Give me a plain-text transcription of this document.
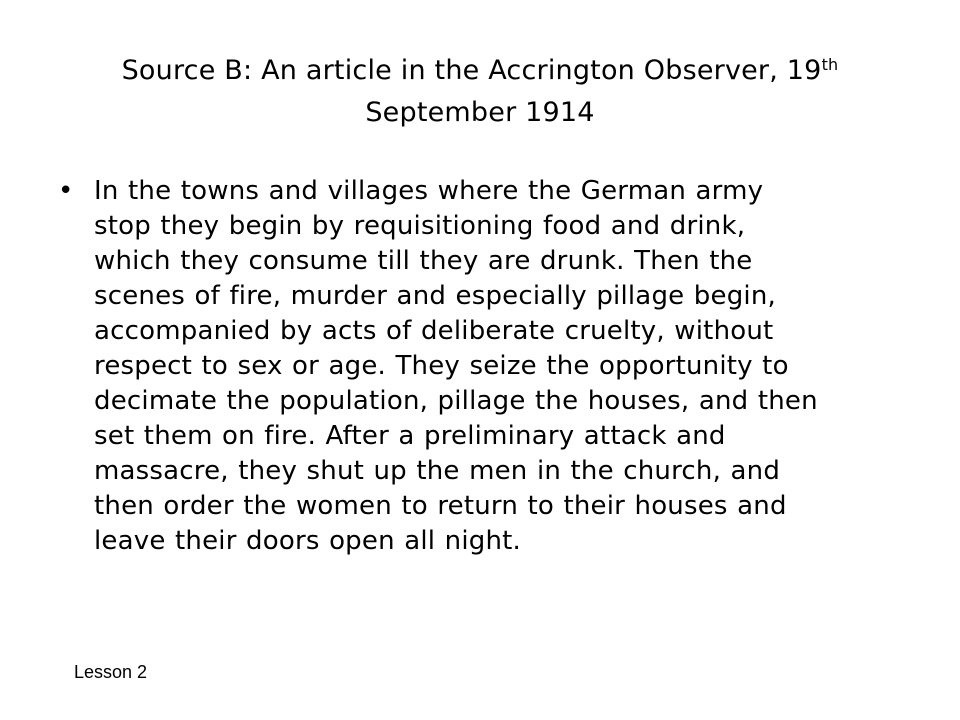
Source B: An article in the Accrington Observer, 19th
September 1914
• In the towns and villages where the German army
stop they begin by requisitioning food and drink,
which they consume till they are drunk. Then the
scenes of fire, murder and especially pillage begin,
accompanied by acts of deliberate cruelty, without
respect to sex or age. They seize the opportunity to
decimate the population, pillage the houses, and then
set them on fire. After a preliminary attack and
massacre, they shut up the men in the church, and
then order the women to return to their houses and
leave their doors open all night.
Lesson 2
